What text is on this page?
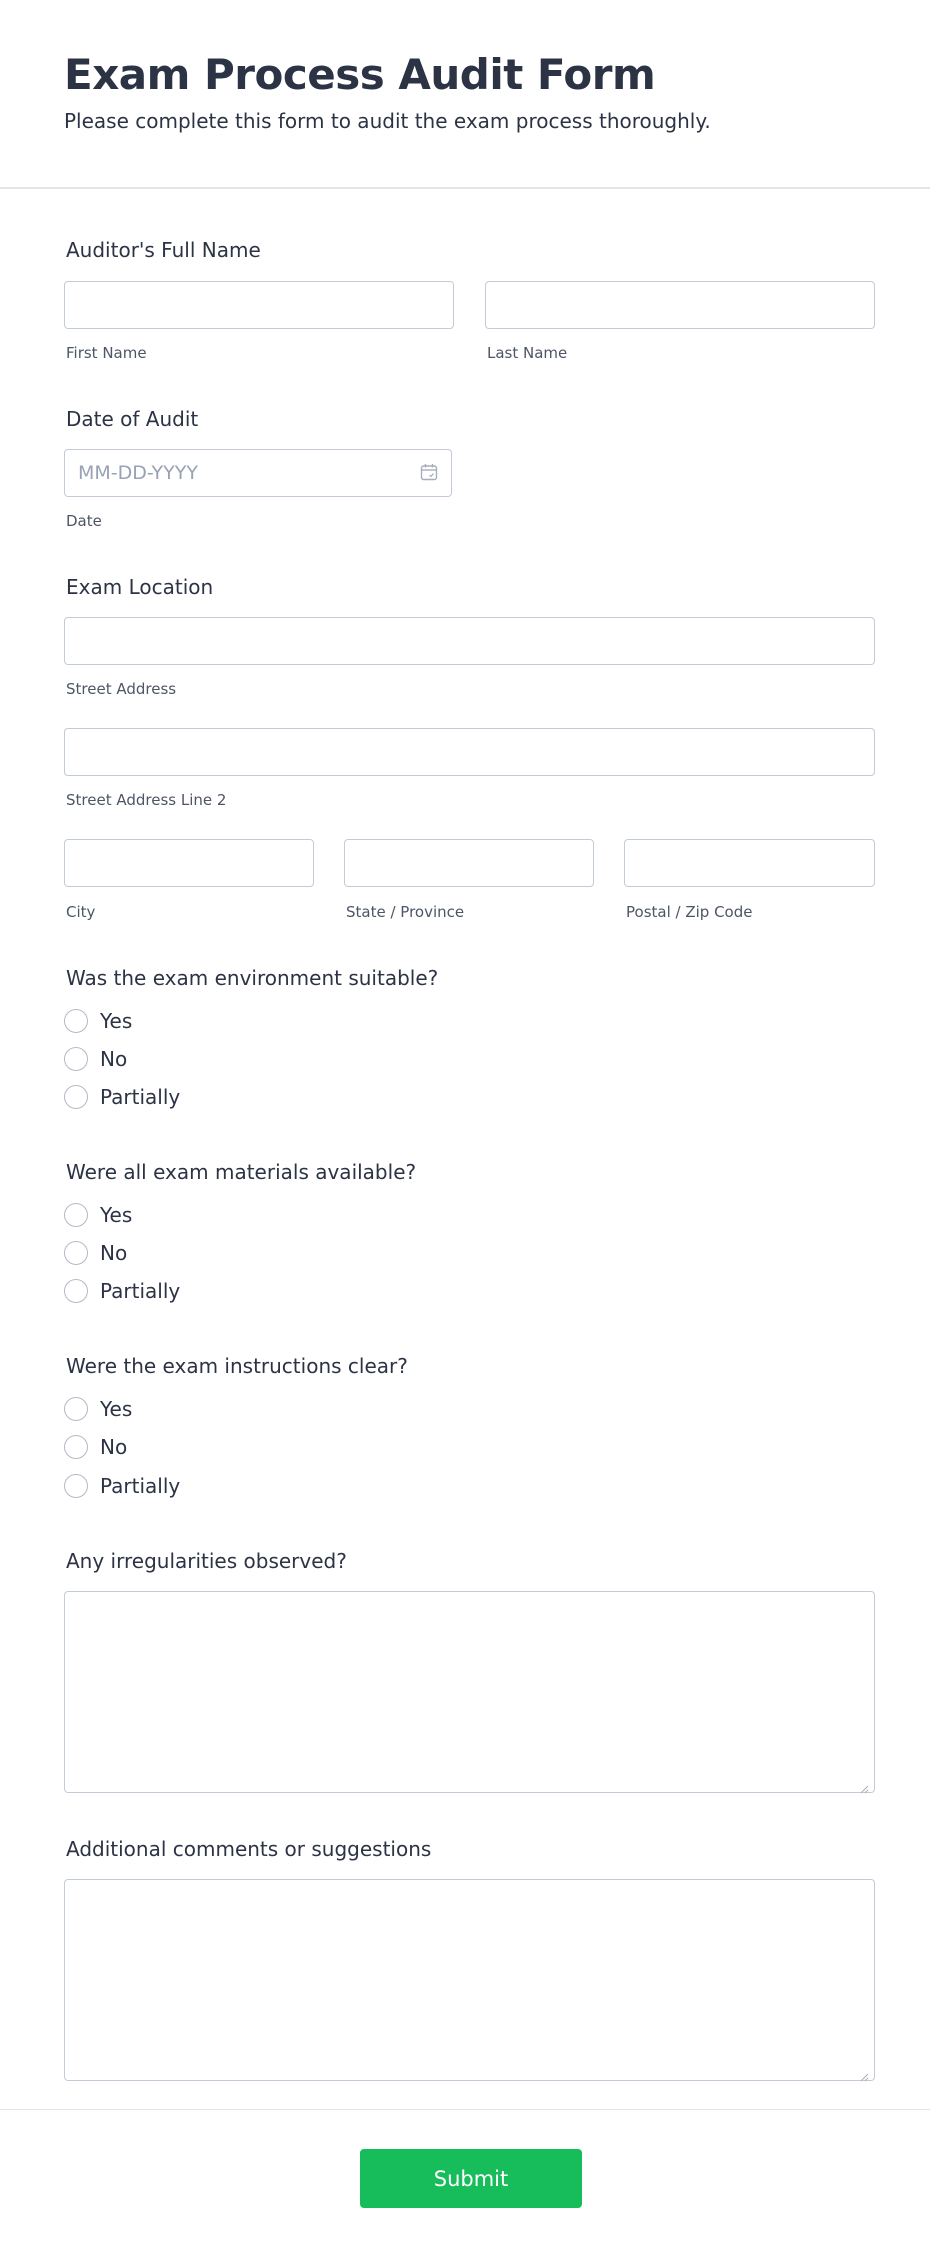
Exam Process Audit Form
Please complete this form to audit the exam process thoroughly.
Auditor's Full Name
First Name	Last Name
Date of Audit
MM-DD-YYYY
Date
Exam Location
Street Address
Street Address Line 2
City	State / Province	Postal / Zip Code
Was the exam environment suitable?
Yes
No
Partially
Were all exam materials available?
Yes
No
Partially
Were the exam instructions clear?
Yes
No
Partially
Any irregularities observed?
Additional comments or suggestions
Submit
